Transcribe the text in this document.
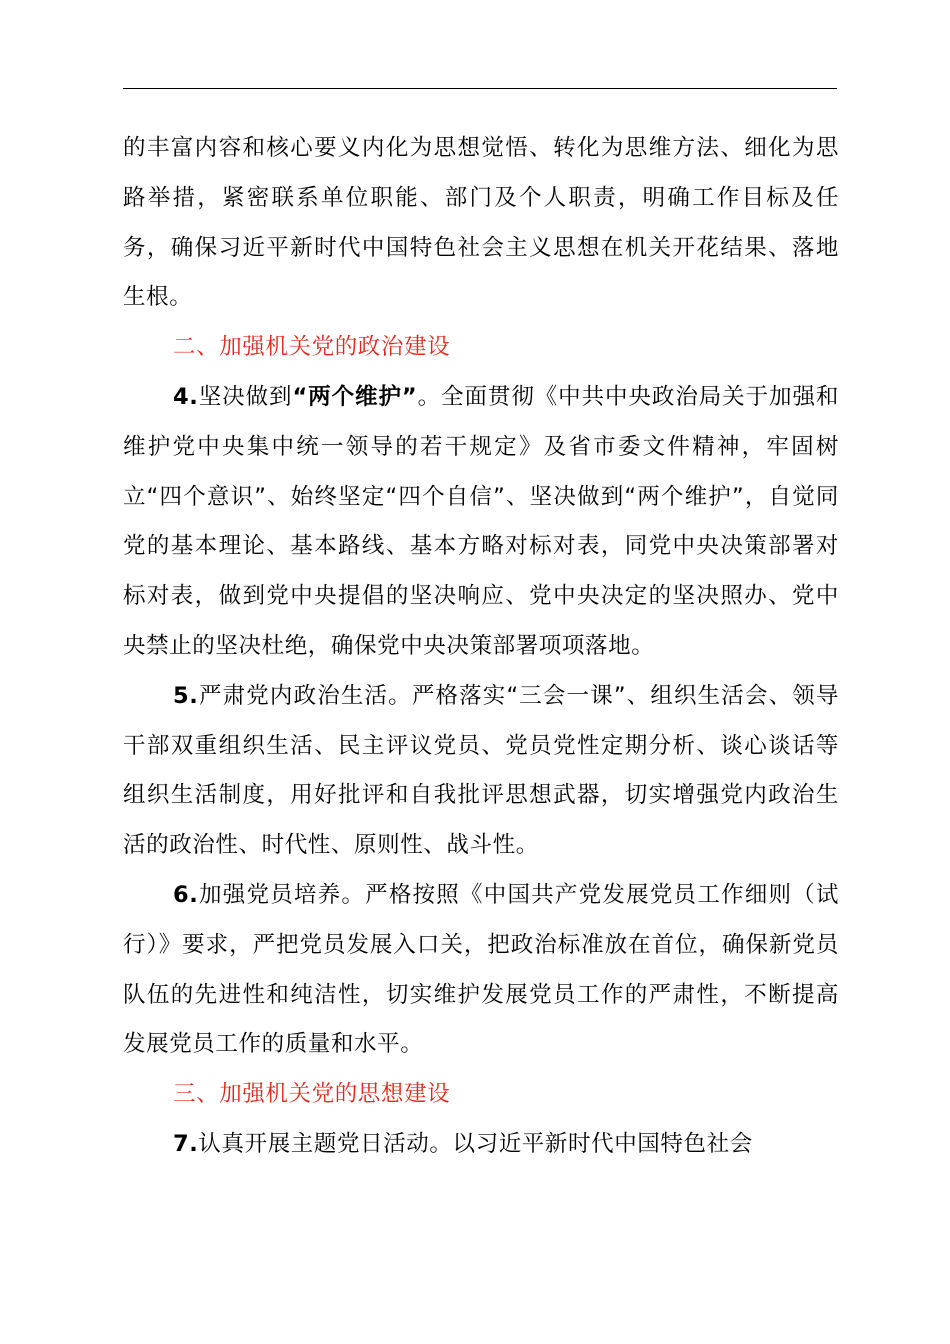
的丰富内容和核心要义内化为思想觉悟、转化为思维方法、细化为思路举措，紧密联系单位职能、部门及个人职责，明确工作目标及任务，确保习近平新时代中国特色社会主义思想在机关开花结果、落地生根。

二、加强机关党的政治建设

4.坚决做到“两个维护”。全面贯彻《中共中央政治局关于加强和维护党中央集中统一领导的若干规定》及省市委文件精神，牢固树立“四个意识”、始终坚定“四个自信”、坚决做到“两个维护”，自觉同党的基本理论、基本路线、基本方略对标对表，同党中央决策部署对标对表，做到党中央提倡的坚决响应、党中央决定的坚决照办、党中央禁止的坚决杜绝，确保党中央决策部署项项落地。

5.严肃党内政治生活。严格落实“三会一课”、组织生活会、领导干部双重组织生活、民主评议党员、党员党性定期分析、谈心谈话等组织生活制度，用好批评和自我批评思想武器，切实增强党内政治生活的政治性、时代性、原则性、战斗性。

6.加强党员培养。严格按照《中国共产党发展党员工作细则（试行）》要求，严把党员发展入口关，把政治标准放在首位，确保新党员队伍的先进性和纯洁性，切实维护发展党员工作的严肃性，不断提高发展党员工作的质量和水平。

三、加强机关党的思想建设

7.认真开展主题党日活动。以习近平新时代中国特色社会
